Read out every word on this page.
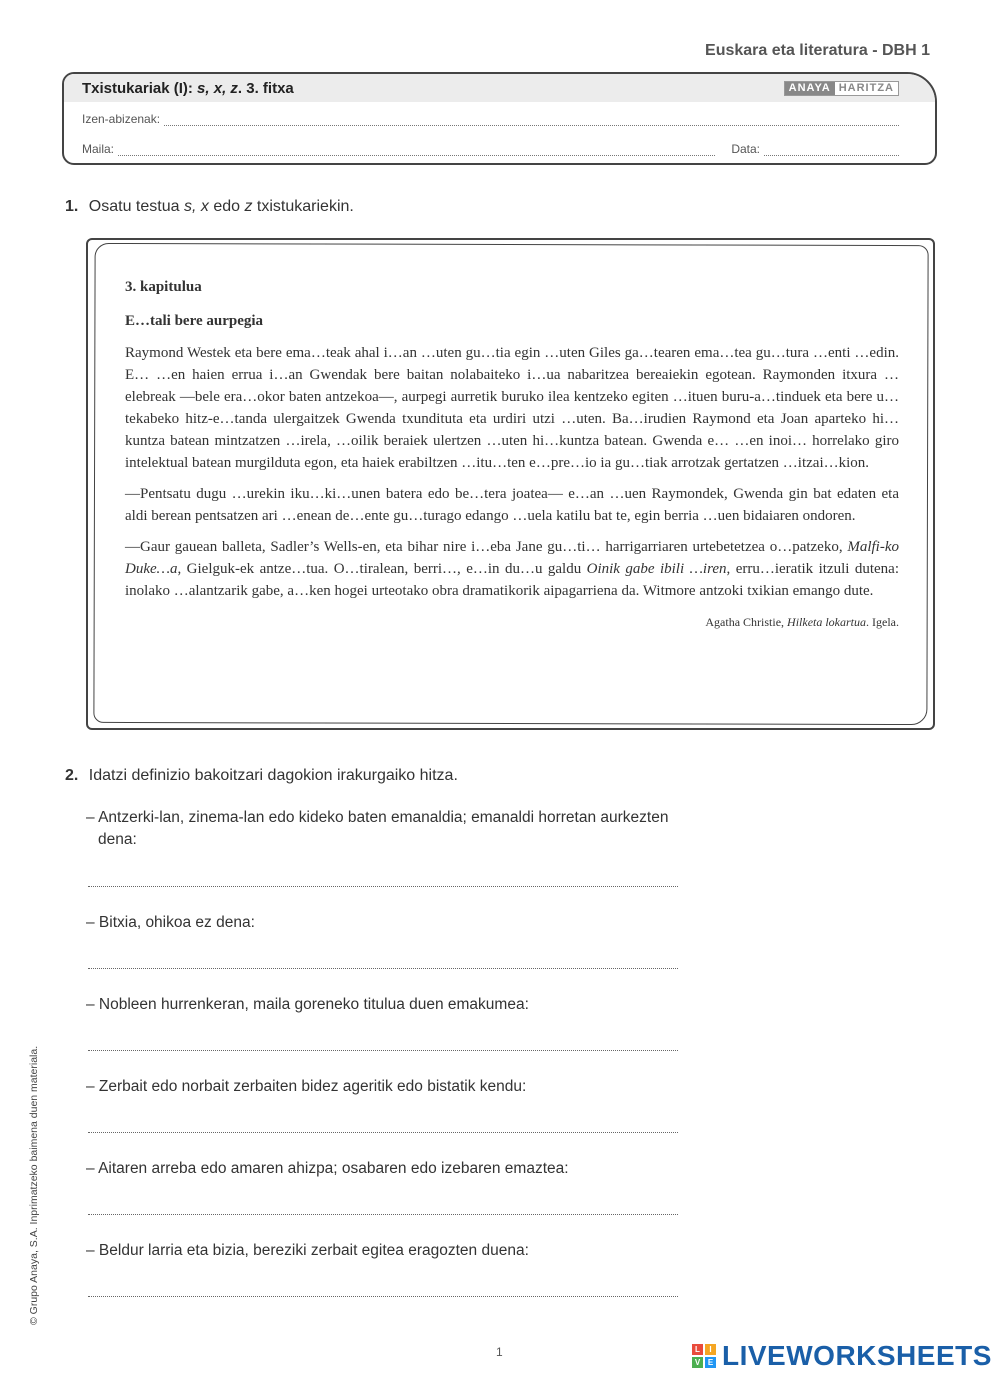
Euskara eta literatura - DBH 1
Txistukariak (I): s, x, z. 3. fitxa	ANAYA HARITZA
Izen-abizenak:
Maila:	Data:
1. Osatu testua s, x edo z txistukariekin.
3. kapitulua
E…tali bere aurpegia

Raymond Westek eta bere ema…teak ahal i…an …uten gu…tia egin …uten Giles ga…tearen ema…tea gu…tura …enti …edin. E… …en haien errua i…an Gwendak bere baitan nolabaiteko i…ua nabaritzea bereaiekin egotean. Raymonden itxura …elebreak —bele era…okor baten antzekoa—, aurpegi aurretik buruko ilea kentzeko egiten …ituen buru-a…tinduek eta bere u…tekabeko hitz-e…tanda ulergaitzek Gwenda txundituta eta urdiri utzi …uten. Ba…irudien Raymond eta Joan aparteko hi…kuntza batean mintzatzen …irela, …oilik beraiek ulertzen …uten hi…kuntza batean. Gwenda e… …en inoi… horrelako giro intelektual batean murgilduta egon, eta haiek erabiltzen …itu…ten e…pre…io ia gu…tiak arrotzak gertatzen …itzai…kion.

—Pentsatu dugu …urekin iku…ki…unen batera edo be…tera joatea— e…an …uen Raymondek, Gwenda gin bat edaten eta aldi berean pentsatzen ari …enean de…ente gu…turago edango …uela katilu bat te, egin berria …uen bidaiaren ondoren.

—Gaur gauean balleta, Sadler’s Wells-en, eta bihar nire i…eba Jane gu…ti… harrigarriaren urtebetetzea o…patzeko, Malfi-ko Duke…a, Gielguk-ek antze…tua. O…tiralean, berri…, e…in du…u galdu Oinik gabe ibili …iren, erru…ieratik itzuli dutena: inolako …alantzarik gabe, a…ken hogei urteotako obra dramatikorik aipagarriena da. Witmore antzoki txikian emango dute.

Agatha Christie, Hilketa lokartua. Igela.
2. Idatzi definizio bakoitzari dagokion irakurgaiko hitza.
– Antzerki-lan, zinema-lan edo kideko baten emanaldia; emanaldi horretan aurkezten dena:
– Bitxia, ohikoa ez dena:
– Nobleen hurrenkeran, maila goreneko titulua duen emakumea:
– Zerbait edo norbait zerbaiten bidez ageritik edo bistatik kendu:
– Aitaren arreba edo amaren ahizpa; osabaren edo izebaren emaztea:
– Beldur larria eta bizia, bereziki zerbait egitea eragozten duena:
© Grupo Anaya, S.A. Inprimatzeko baimena duen materiala.
1	L	I
V E LIVEWORKSHEETS
